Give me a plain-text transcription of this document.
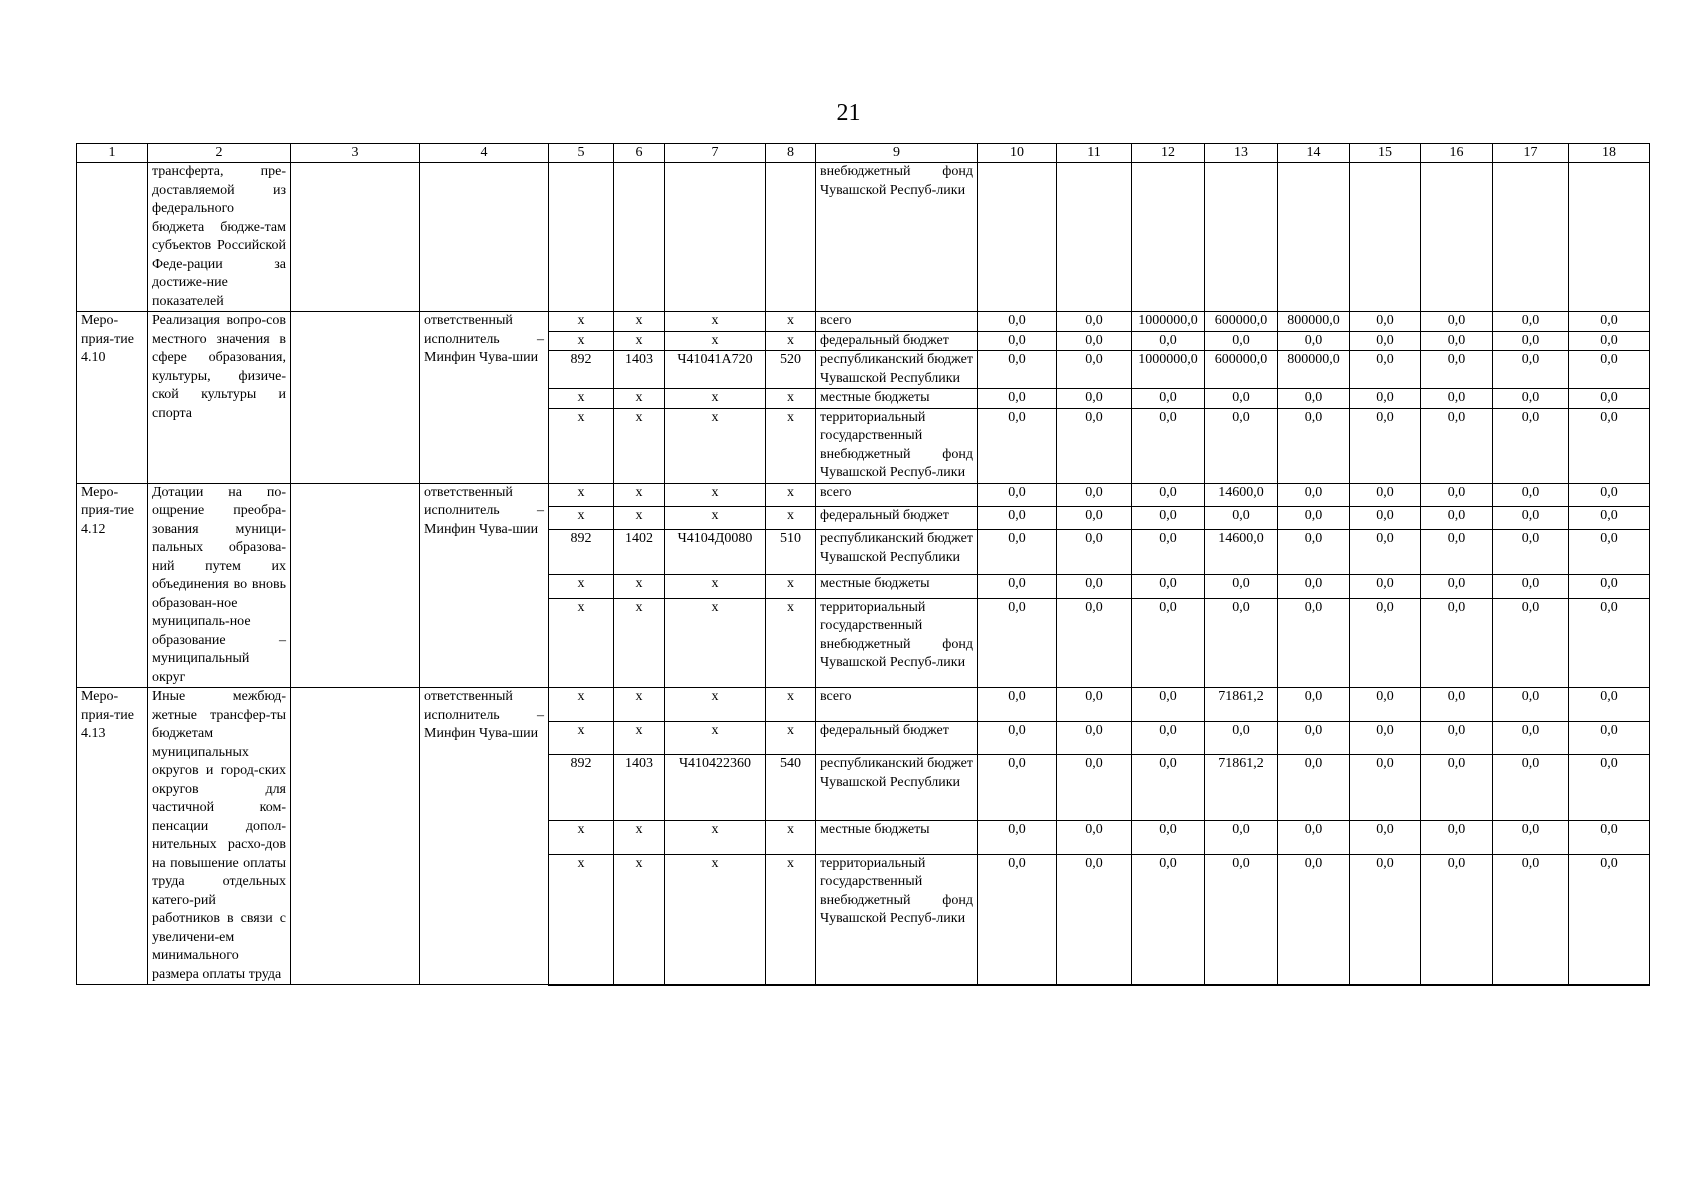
21
1	2	3	4	5	6	7	8	9	10	11	12	13	14	15	16	17	18
	трансферта, пре-доставляемой из федерального бюджета бюдже-там субъектов Российской Феде-рации за достиже-ние показателей							внебюджетный фонд Чувашской Респуб-лики									
Меро-прия-тие 4.10	Реализация вопро-сов местного значения в сфере образования, культуры, физиче-ской культуры и спорта		ответственный исполнитель – Минфин Чува-шии	х	х	х	х	всего	0,0	0,0	1000000,0	600000,0	800000,0	0,0	0,0	0,0	0,0
				х	х	х	х	федеральный бюджет	0,0	0,0	0,0	0,0	0,0	0,0	0,0	0,0	0,0
				892	1403	Ч41041А720	520	республиканский бюджет Чувашской Республики	0,0	0,0	1000000,0	600000,0	800000,0	0,0	0,0	0,0	0,0
				х	х	х	х	местные бюджеты	0,0	0,0	0,0	0,0	0,0	0,0	0,0	0,0	0,0
				х	х	х	х	территориальный государственный внебюджетный фонд Чувашской Респуб-лики	0,0	0,0	0,0	0,0	0,0	0,0	0,0	0,0	0,0
Меро-прия-тие 4.12	Дотации на по-ощрение преобра-зования муници-пальных образова-ний путем их объединения во вновь образован-ное муниципаль-ное образование – муниципальный округ		ответственный исполнитель – Минфин Чува-шии	х	х	х	х	всего	0,0	0,0	0,0	14600,0	0,0	0,0	0,0	0,0	0,0
				х	х	х	х	федеральный бюджет	0,0	0,0	0,0	0,0	0,0	0,0	0,0	0,0	0,0
				892	1402	Ч4104Д0080	510	республиканский бюджет Чувашской Республики	0,0	0,0	0,0	14600,0	0,0	0,0	0,0	0,0	0,0
				х	х	х	х	местные бюджеты	0,0	0,0	0,0	0,0	0,0	0,0	0,0	0,0	0,0
				х	х	х	х	территориальный государственный внебюджетный фонд Чувашской Респуб-лики	0,0	0,0	0,0	0,0	0,0	0,0	0,0	0,0	0,0
Меро-прия-тие 4.13	Иные межбюд-жетные трансфер-ты бюджетам муниципальных округов и город-ских округов для частичной ком-пенсации допол-нительных расхо-дов на повышение оплаты труда отдельных катего-рий работников в связи с увеличени-ем минимального размера оплаты труда		ответственный исполнитель – Минфин Чува-шии	х	х	х	х	всего	0,0	0,0	0,0	71861,2	0,0	0,0	0,0	0,0	0,0
				х	х	х	х	федеральный бюджет	0,0	0,0	0,0	0,0	0,0	0,0	0,0	0,0	0,0
				892	1403	Ч410422360	540	республиканский бюджет Чувашской Республики	0,0	0,0	0,0	71861,2	0,0	0,0	0,0	0,0	0,0
				х	х	х	х	местные бюджеты	0,0	0,0	0,0	0,0	0,0	0,0	0,0	0,0	0,0
				х	х	х	х	территориальный государственный внебюджетный фонд Чувашской Респуб-лики	0,0	0,0	0,0	0,0	0,0	0,0	0,0	0,0	0,0
